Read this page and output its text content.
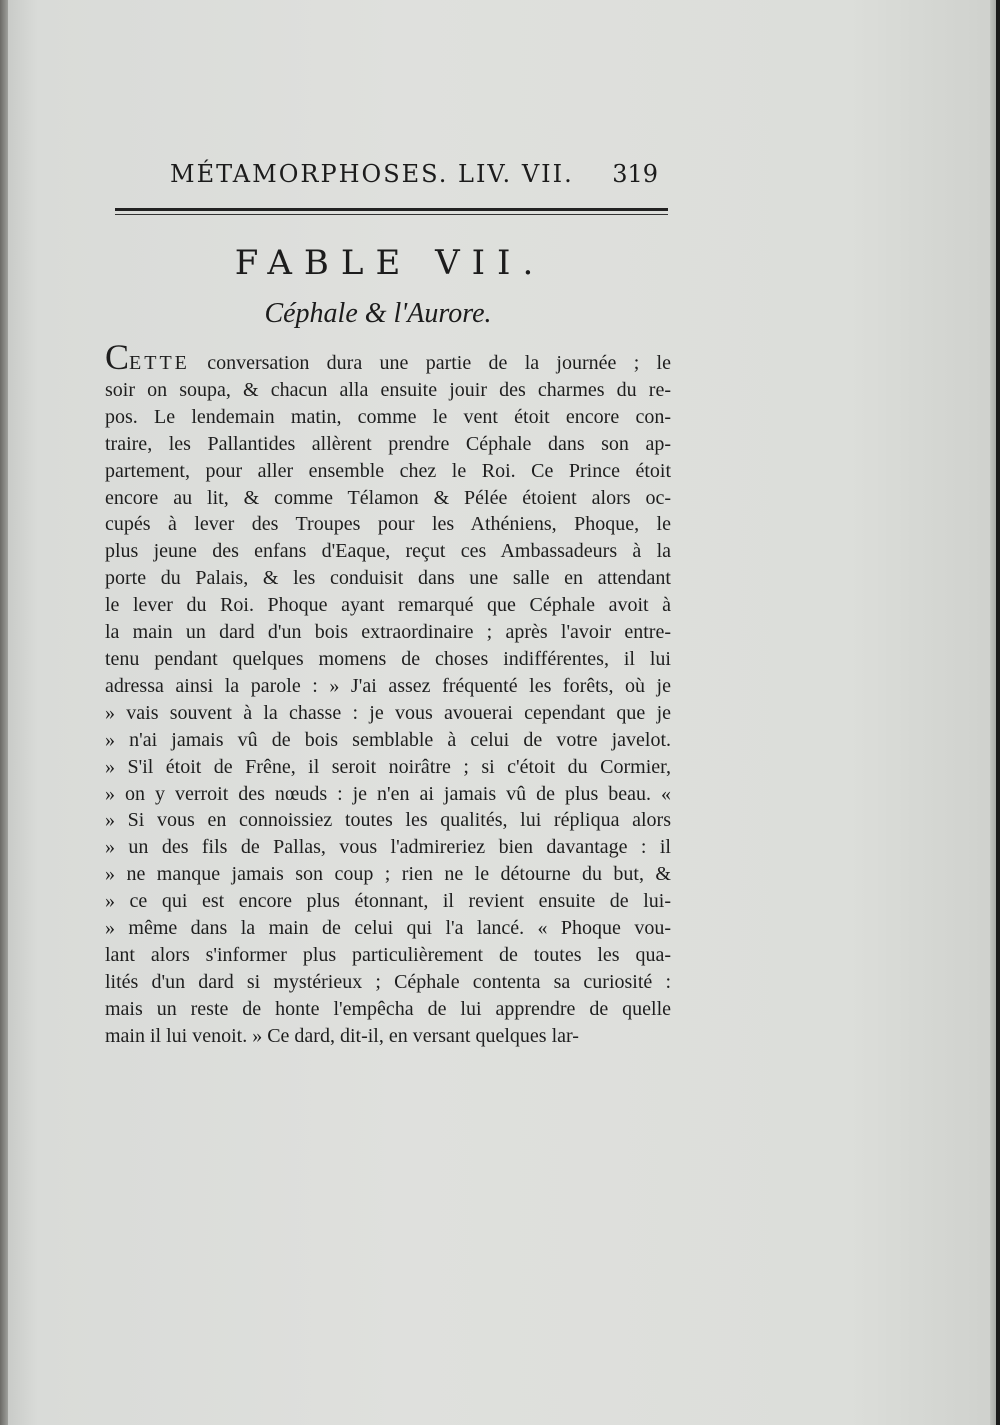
MÉTAMORPHOSES. LIV. VII. 319
FABLE VII.
Céphale & l'Aurore.
CETTE conversation dura une partie de la journée ; le
soir on soupa, & chacun alla ensuite jouir des charmes du re-
pos. Le lendemain matin, comme le vent étoit encore con-
traire, les Pallantides allèrent prendre Céphale dans son ap-
partement, pour aller ensemble chez le Roi. Ce Prince étoit
encore au lit, & comme Télamon & Pélée étoient alors oc-
cupés à lever des Troupes pour les Athéniens, Phoque, le
plus jeune des enfans d'Eaque, reçut ces Ambassadeurs à la
porte du Palais, & les conduisit dans une salle en attendant
le lever du Roi. Phoque ayant remarqué que Céphale avoit à
la main un dard d'un bois extraordinaire ; après l'avoir entre-
tenu pendant quelques momens de choses indifférentes, il lui
adressa ainsi la parole : » J'ai assez fréquenté les forêts, où je
» vais souvent à la chasse : je vous avouerai cependant que je
» n'ai jamais vû de bois semblable à celui de votre javelot.
» S'il étoit de Frêne, il seroit noirâtre ; si c'étoit du Cormier,
» on y verroit des nœuds : je n'en ai jamais vû de plus beau. «
» Si vous en connoissiez toutes les qualités, lui répliqua alors
» un des fils de Pallas, vous l'admireriez bien davantage : il
» ne manque jamais son coup ; rien ne le détourne du but, &
» ce qui est encore plus étonnant, il revient ensuite de lui-
» même dans la main de celui qui l'a lancé. « Phoque vou-
lant alors s'informer plus particulièrement de toutes les qua-
lités d'un dard si mystérieux ; Céphale contenta sa curiosité :
mais un reste de honte l'empêcha de lui apprendre de quelle
main il lui venoit. » Ce dard, dit-il, en versant quelques lar-
